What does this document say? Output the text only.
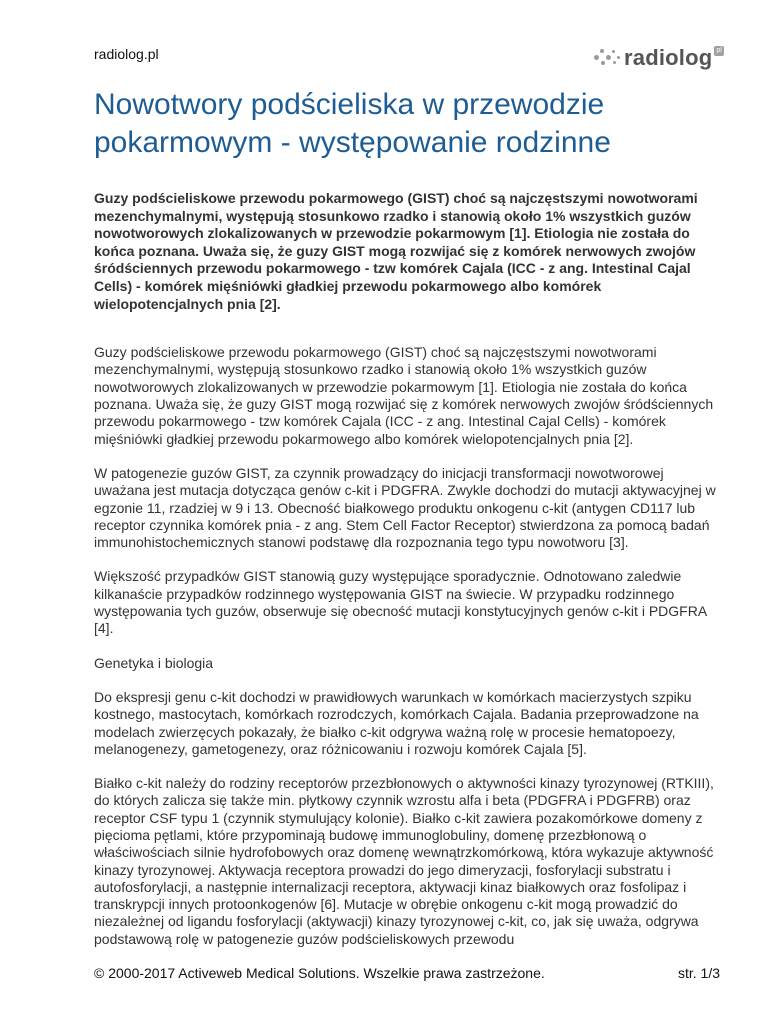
radiolog.pl	radiolog pl
Nowotwory podścieliska w przewodzie pokarmowym - występowanie rodzinne

Guzy podścieliskowe przewodu pokarmowego (GIST) choć są najczęstszymi nowotworami mezenchymalnymi, występują stosunkowo rzadko i stanowią około 1% wszystkich guzów nowotworowych zlokalizowanych w przewodzie pokarmowym [1]. Etiologia nie została do końca poznana. Uważa się, że guzy GIST mogą rozwijać się z komórek nerwowych zwojów śródściennych przewodu pokarmowego - tzw komórek Cajala (ICC - z ang. Intestinal Cajal Cells) - komórek mięśniówki gładkiej przewodu pokarmowego albo komórek wielopotencjalnych pnia [2].

Guzy podścieliskowe przewodu pokarmowego (GIST) choć są najczęstszymi nowotworami mezenchymalnymi, występują stosunkowo rzadko i stanowią około 1% wszystkich guzów nowotworowych zlokalizowanych w przewodzie pokarmowym [1]. Etiologia nie została do końca poznana. Uważa się, że guzy GIST mogą rozwijać się z komórek nerwowych zwojów śródściennych przewodu pokarmowego - tzw komórek Cajala (ICC - z ang. Intestinal Cajal Cells) - komórek mięśniówki gładkiej przewodu pokarmowego albo komórek wielopotencjalnych pnia [2].

W patogenezie guzów GIST, za czynnik prowadzący do inicjacji transformacji nowotworowej uważana jest mutacja dotycząca genów c-kit i PDGFRA. Zwykle dochodzi do mutacji aktywacyjnej w egzonie 11, rzadziej w 9 i 13. Obecność białkowego produktu onkogenu c-kit (antygen CD117 lub receptor czynnika komórek pnia - z ang. Stem Cell Factor Receptor) stwierdzona za pomocą badań immunohistochemicznych stanowi podstawę dla rozpoznania tego typu nowotworu [3].

Większość przypadków GIST stanowią guzy występujące sporadycznie. Odnotowano zaledwie kilkanaście przypadków rodzinnego występowania GIST na świecie. W przypadku rodzinnego występowania tych guzów, obserwuje się obecność mutacji konstytucyjnych genów c-kit i PDGFRA [4].

Genetyka i biologia

Do ekspresji genu c-kit dochodzi w prawidłowych warunkach w komórkach macierzystych szpiku kostnego, mastocytach, komórkach rozrodczych, komórkach Cajala. Badania przeprowadzone na modelach zwierzęcych pokazały, że białko c-kit odgrywa ważną rolę w procesie hematopoezy, melanogenezy, gametogenezy, oraz różnicowaniu i rozwoju komórek Cajala [5].

Białko c-kit należy do rodziny receptorów przezbłonowych o aktywności kinazy tyrozynowej (RTKIII), do których zalicza się także min. płytkowy czynnik wzrostu alfa i beta (PDGFRA i PDGFRB) oraz receptor CSF typu 1 (czynnik stymulujący kolonie). Białko c-kit zawiera pozakomórkowe domeny z pięcioma pętlami, które przypominają budowę immunoglobuliny, domenę przezbłonową o właściwościach silnie hydrofobowych oraz domenę wewnątrzkomórkową, która wykazuje aktywność kinazy tyrozynowej. Aktywacja receptora prowadzi do jego dimeryzacji, fosforylacji substratu i autofosforylacji, a następnie internalizacji receptora, aktywacji kinaz białkowych oraz fosfolipaz i transkrypcji innych protoonkogenów [6]. Mutacje w obrębie onkogenu c-kit mogą prowadzić do niezależnej od ligandu fosforylacji (aktywacji) kinazy tyrozynowej c-kit, co, jak się uważa, odgrywa podstawową rolę w patogenezie guzów podścieliskowych przewodu

© 2000-2017 Activeweb Medical Solutions. Wszelkie prawa zastrzeżone.	str. 1/3
